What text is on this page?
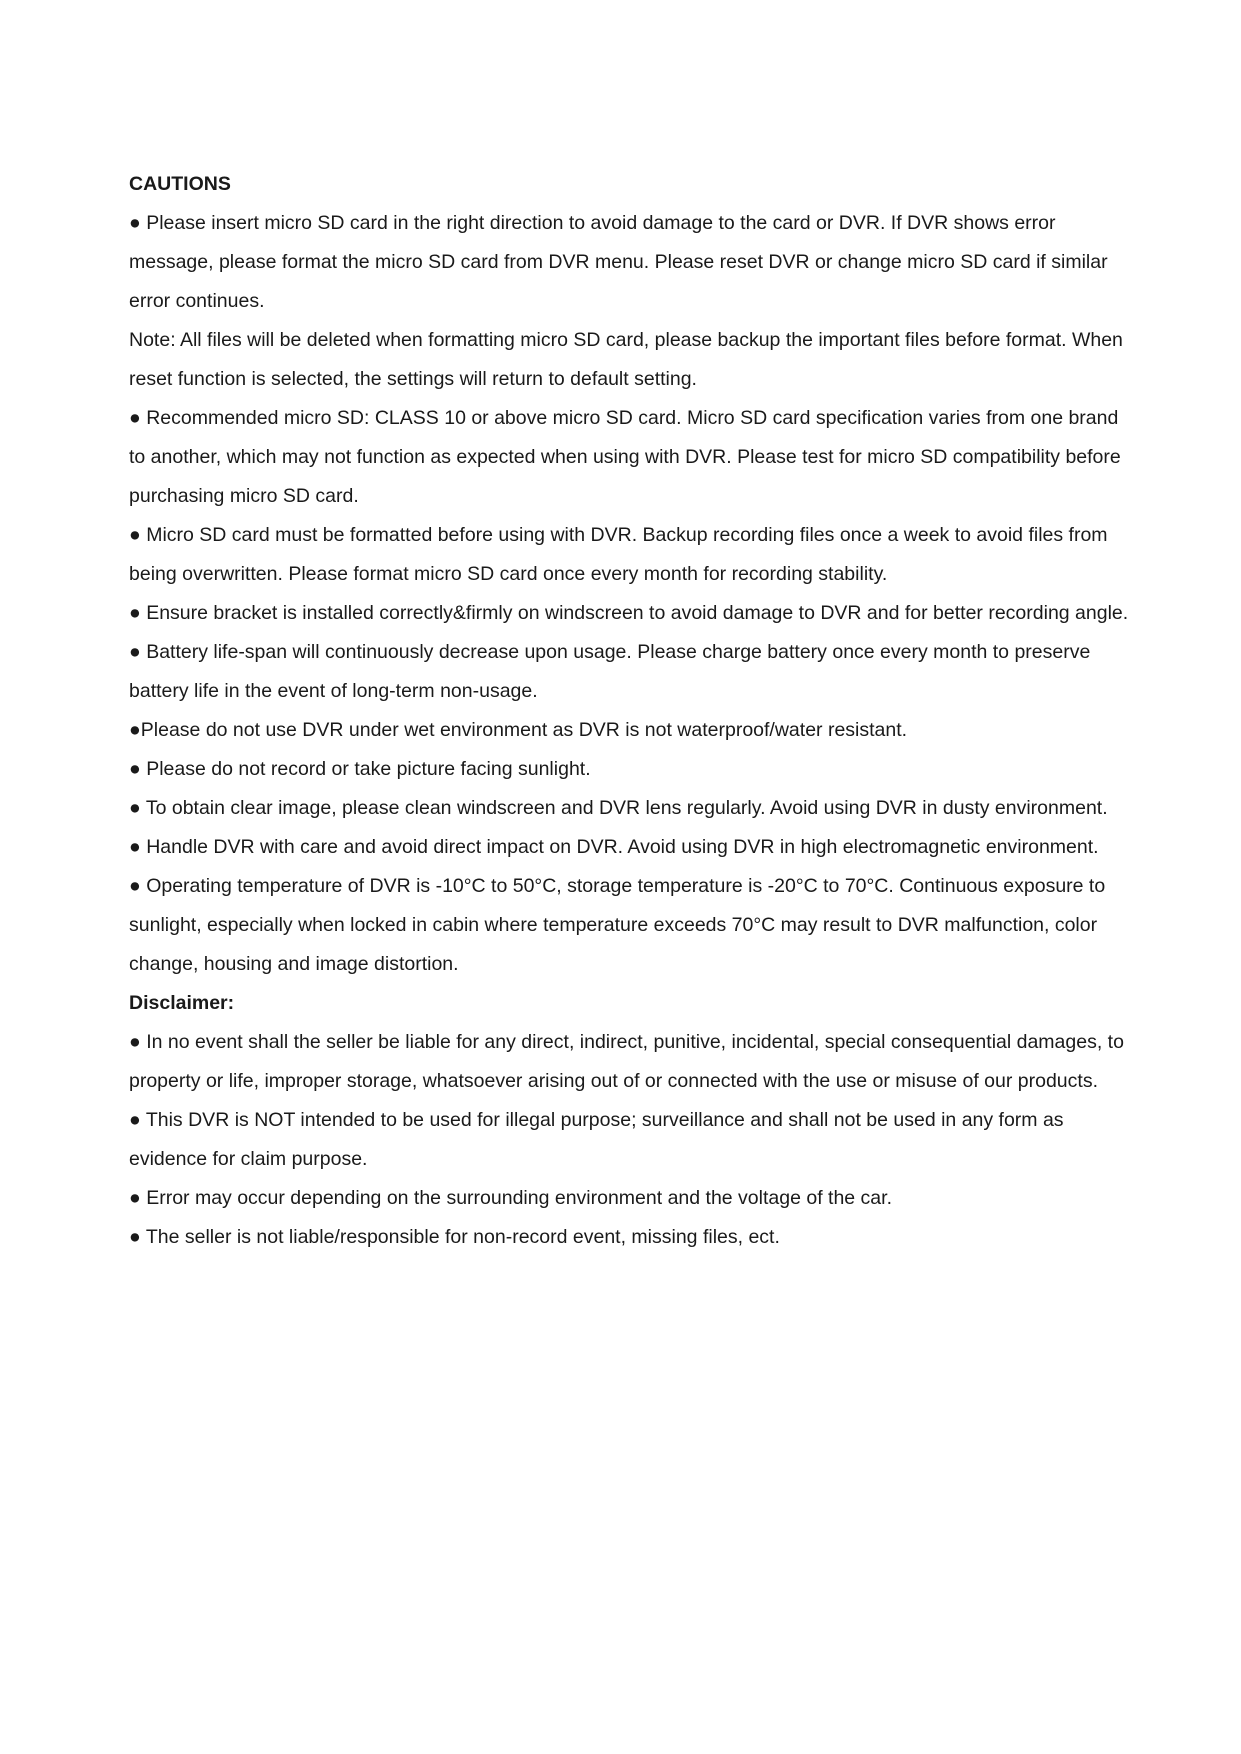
CAUTIONS

● Please insert micro SD card in the right direction to avoid damage to the card or DVR. If DVR shows error message, please format the micro SD card from DVR menu. Please reset DVR or change micro SD card if similar error continues.

Note: All files will be deleted when formatting micro SD card, please backup the important files before format. When reset function is selected, the settings will return to default setting.

● Recommended micro SD: CLASS 10 or above micro SD card. Micro SD card specification varies from one brand to another, which may not function as expected when using with DVR. Please test for micro SD compatibility before purchasing micro SD card.

● Micro SD card must be formatted before using with DVR. Backup recording files once a week to avoid files from being overwritten. Please format micro SD card once every month for recording stability.

● Ensure bracket is installed correctly&firmly on windscreen to avoid damage to DVR and for better recording angle.

● Battery life-span will continuously decrease upon usage. Please charge battery once every month to preserve battery life in the event of long-term non-usage.

●Please do not use DVR under wet environment as DVR is not waterproof/water resistant.

● Please do not record or take picture facing sunlight.

● To obtain clear image, please clean windscreen and DVR lens regularly. Avoid using DVR in dusty environment.

● Handle DVR with care and avoid direct impact on DVR. Avoid using DVR in high electromagnetic environment.

● Operating temperature of DVR is -10°C to 50°C, storage temperature is -20°C to 70°C. Continuous exposure to sunlight, especially when locked in cabin where temperature exceeds 70°C may result to DVR malfunction, color change, housing and image distortion.

Disclaimer:

● In no event shall the seller be liable for any direct, indirect, punitive, incidental, special consequential damages, to property or life, improper storage, whatsoever arising out of or connected with the use or misuse of our products.

● This DVR is NOT intended to be used for illegal purpose; surveillance and shall not be used in any form as evidence for claim purpose.

● Error may occur depending on the surrounding environment and the voltage of the car.

● The seller is not liable/responsible for non-record event, missing files, ect.
